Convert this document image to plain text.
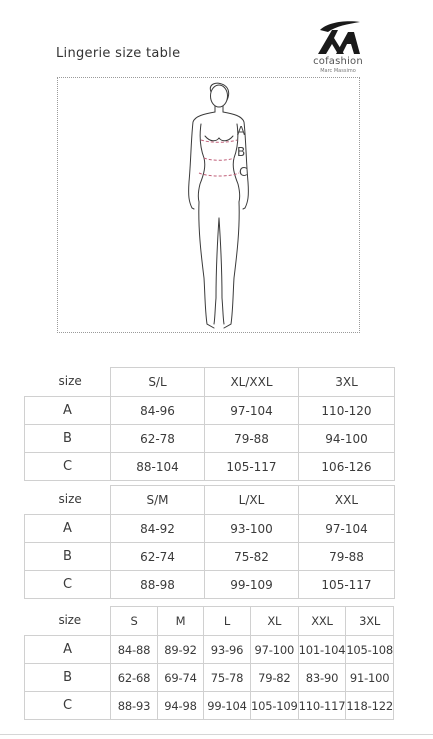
Lingerie size table
cofashion
Marc Massimo
A
B
C
size	S/L	XL/XXL	3XL
A	84-96	97-104	110-120
B	62-78	79-88	94-100
C	88-104	105-117	106-126
size	S/M	L/XL	XXL
A	84-92	93-100	97-104
B	62-74	75-82	79-88
C	88-98	99-109	105-117
size	S	M	L	XL	XXL	3XL
A	84-88	89-92	93-96	97-100	101-104	105-108
B	62-68	69-74	75-78	79-82	83-90	91-100
C	88-93	94-98	99-104	105-109	110-117	118-122
